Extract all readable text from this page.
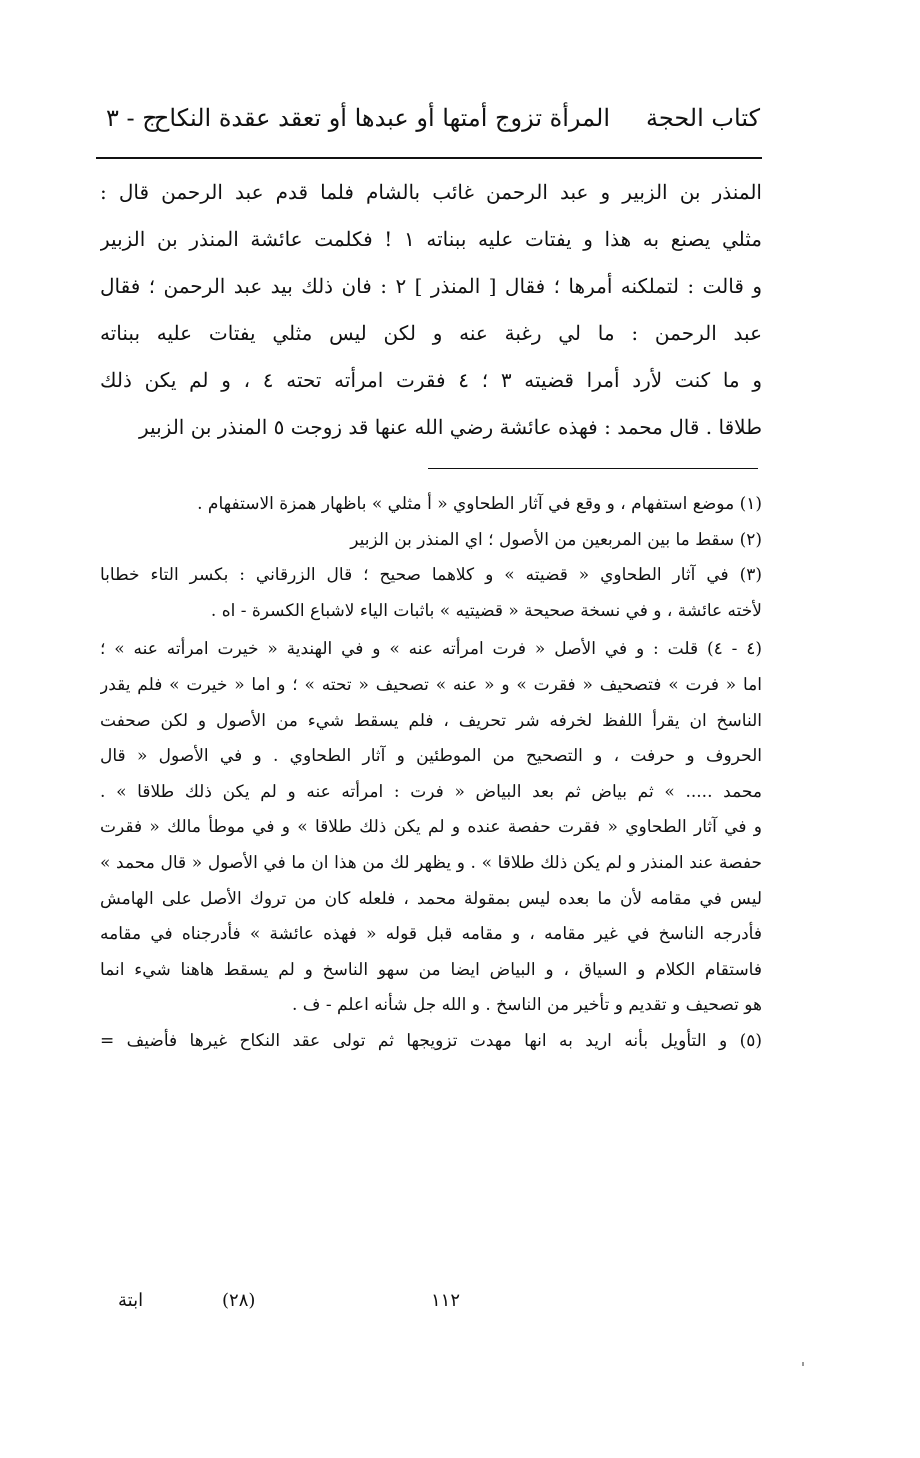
كتاب الحجة
المرأة تزوج أمتها أو عبدها أو تعقد عقدة النكاح
ج - ٣
المنذر بن الزبير و عبد الرحمن غائب بالشام فلما قدم عبد الرحمن قال :
مثلي يصنع به هذا و يفتات عليه ببناته ١ ! فكلمت عائشة المنذر بن الزبير
و قالت : لتملكنه أمرها ؛ فقال [ المنذر ] ٢ : فان ذلك بيد عبد الرحمن ؛ فقال
عبد الرحمن : ما لي رغبة عنه و لكن ليس مثلي يفتات عليه ببناته
و ما كنت لأرد أمرا قضيته ٣ ؛ ٤ فقرت امرأته تحته ٤ ، و لم يكن ذلك
طلاقا . قال محمد : فهذه عائشة رضي الله عنها قد زوجت ٥ المنذر بن الزبير
(١) موضع استفهام ، و وقع في آثار الطحاوي « أ مثلي » باظهار همزة الاستفهام .
(٢) سقط ما بين المربعين من الأصول ؛ اي المنذر بن الزبير
(٣) في آثار الطحاوي « قضيته » و كلاهما صحيح ؛ قال الزرقاني : بكسر التاء خطابا
لأخته عائشة ، و في نسخة صحيحة « قضيتيه » باثبات الياء لاشباع الكسرة - اه .
(٤ - ٤) قلت : و في الأصل « فرت امرأته عنه » و في الهندية « خيرت امرأته عنه » ؛
اما « فرت » فتصحيف « فقرت » و « عنه » تصحيف « تحته » ؛ و اما « خيرت » فلم يقدر
الناسخ ان يقرأ اللفظ لخرفه شر تحريف ، فلم يسقط شيء من الأصول و لكن صحفت
الحروف و حرفت ، و التصحيح من الموطئين و آثار الطحاوي . و في الأصول « قال
محمد ..... » ثم بياض ثم بعد البياض « فرت : امرأته عنه و لم يكن ذلك طلاقا » .
و في آثار الطحاوي « فقرت حفصة عنده و لم يكن ذلك طلاقا » و في موطأ مالك « فقرت
حفصة عند المنذر و لم يكن ذلك طلاقا » . و يظهر لك من هذا ان ما في الأصول « قال محمد »
ليس في مقامه لأن ما بعده ليس بمقولة محمد ، فلعله كان من تروك الأصل على الهامش
فأدرجه الناسخ في غير مقامه ، و مقامه قبل قوله « فهذه عائشة » فأدرجناه في مقامه
فاستقام الكلام و السياق ، و البياض ايضا من سهو الناسخ و لم يسقط هاهنا شيء انما
هو تصحيف و تقديم و تأخير من الناسخ . و الله جل شأنه اعلم - ف .
(٥) و التأويل بأنه اريد به انها مهدت تزويجها ثم تولى عقد النكاح غيرها فأضيف =
١١٢
(٢٨)
ابتة
